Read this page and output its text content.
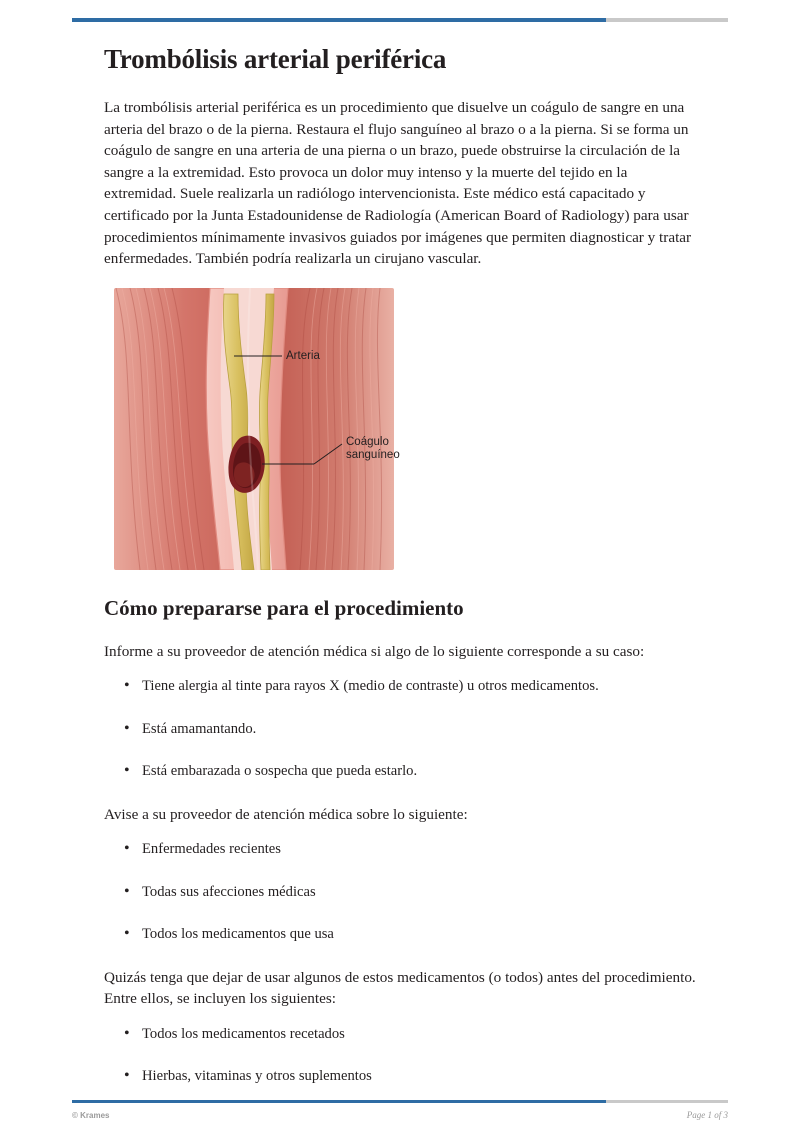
Trombólisis arterial periférica

La trombólisis arterial periférica es un procedimiento que disuelve un coágulo de sangre en una arteria del brazo o de la pierna. Restaura el flujo sanguíneo al brazo o a la pierna. Si se forma un coágulo de sangre en una arteria de una pierna o un brazo, puede obstruirse la circulación de la sangre a la extremidad. Esto provoca un dolor muy intenso y la muerte del tejido en la extremidad. Suele realizarla un radiólogo intervencionista. Este médico está capacitado y certificado por la Junta Estadounidense de Radiología (American Board of Radiology) para usar procedimientos mínimamente invasivos guiados por imágenes que permiten diagnosticar y tratar enfermedades. También podría realizarla un cirujano vascular.

Arteria
Coágulo
sanguíneo
Cómo prepararse para el procedimiento

Informe a su proveedor de atención médica si algo de lo siguiente corresponde a su caso:

• Tiene alergia al tinte para rayos X (medio de contraste) u otros medicamentos.
• Está amamantando.
• Está embarazada o sospecha que pueda estarlo.

Avise a su proveedor de atención médica sobre lo siguiente:

• Enfermedades recientes
• Todas sus afecciones médicas
• Todos los medicamentos que usa

Quizás tenga que dejar de usar algunos de estos medicamentos (o todos) antes del procedimiento. Entre ellos, se incluyen los siguientes:

• Todos los medicamentos recetados
• Hierbas, vitaminas y otros suplementos
© Krames	Page 1 of 3
